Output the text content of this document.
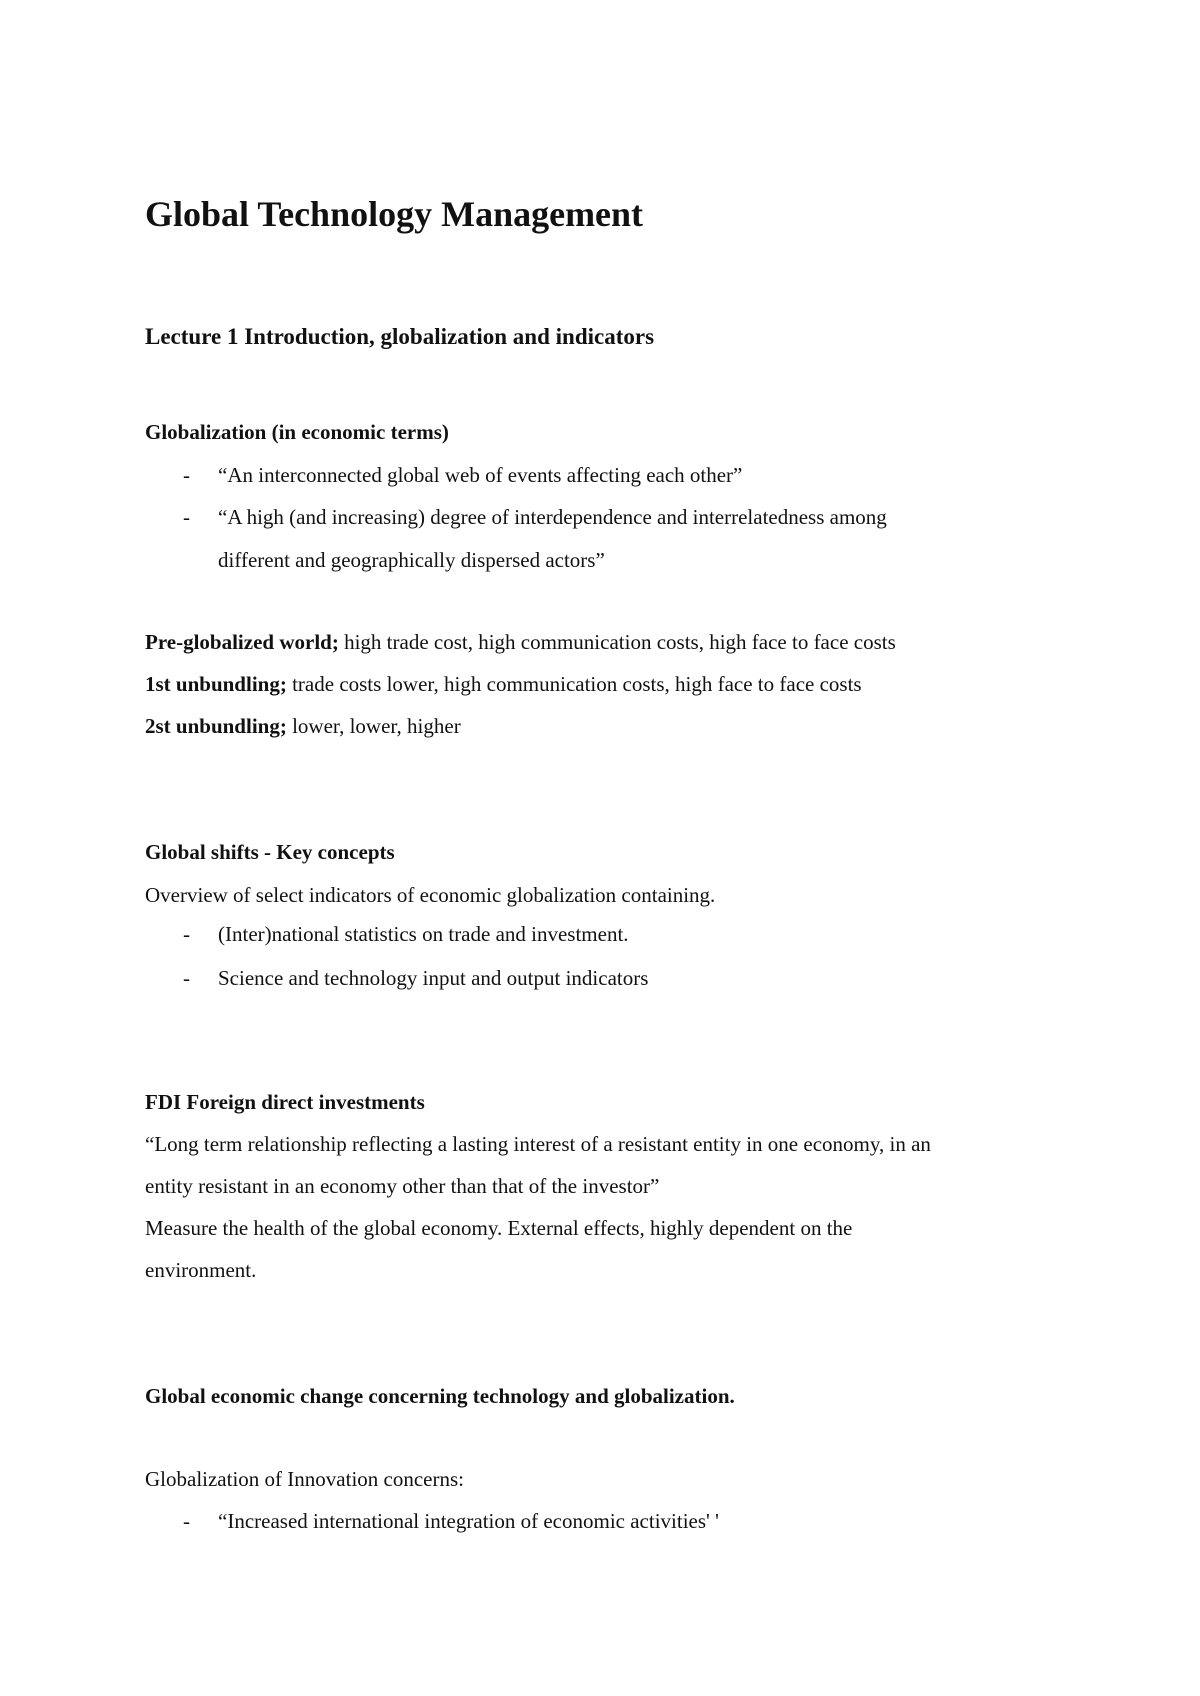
Global Technology Management
Lecture 1 Introduction, globalization and indicators
Globalization (in economic terms)
- “An interconnected global web of events affecting each other”
- “A high (and increasing) degree of interdependence and interrelatedness among
different and geographically dispersed actors”
Pre-globalized world; high trade cost, high communication costs, high face to face costs
1st unbundling; trade costs lower, high communication costs, high face to face costs
2st unbundling; lower, lower, higher
Global shifts - Key concepts
Overview of select indicators of economic globalization containing.
- (Inter)national statistics on trade and investment.
- Science and technology input and output indicators
FDI Foreign direct investments
“Long term relationship reflecting a lasting interest of a resistant entity in one economy, in an
entity resistant in an economy other than that of the investor”
Measure the health of the global economy. External effects, highly dependent on the
environment.
Global economic change concerning technology and globalization.
Globalization of Innovation concerns:
- “Increased international integration of economic activities' '
